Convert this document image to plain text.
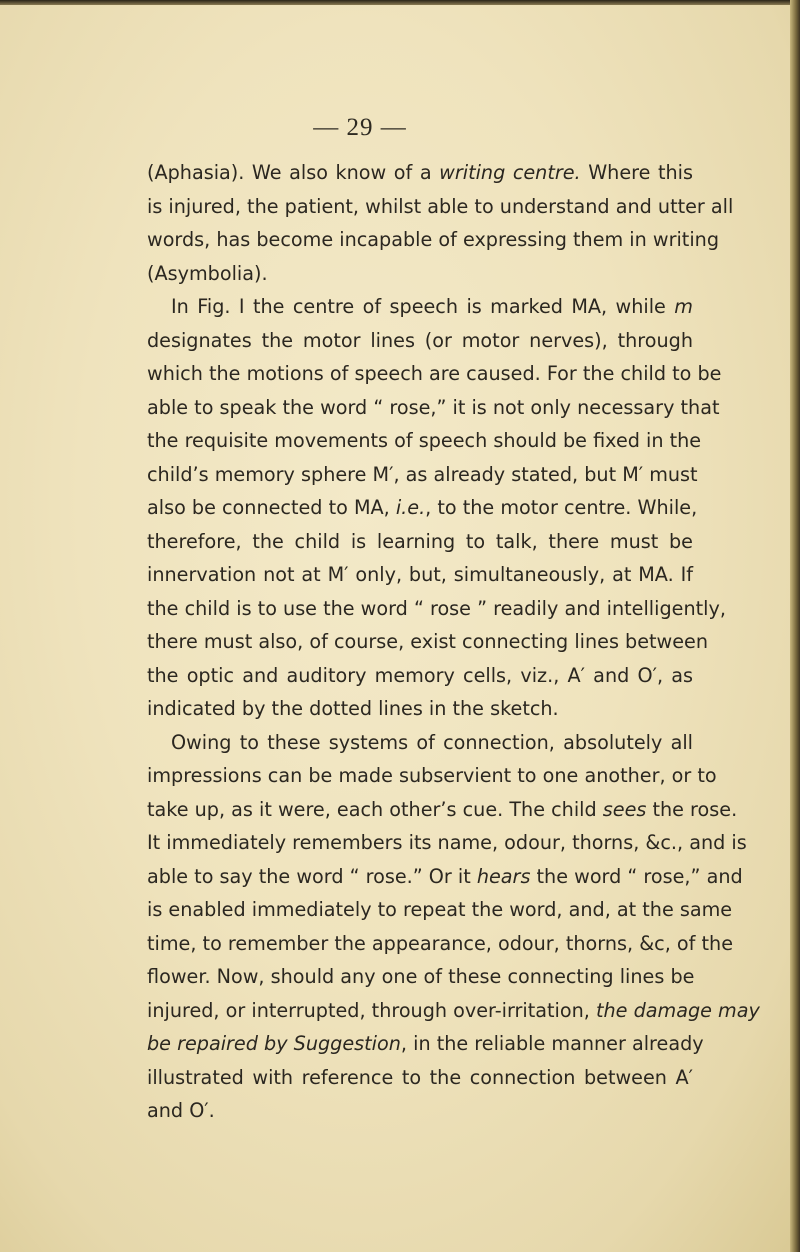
— 29 —
(Aphasia). We also know of a writing centre. Where this
is injured, the patient, whilst able to understand and utter all
words, has become incapable of expressing them in writing
(Asymbolia).
In Fig. I the centre of speech is marked MA, while m
designates the motor lines (or motor nerves), through
which the motions of speech are caused. For the child to be
able to speak the word “ rose,” it is not only necessary that
the requisite movements of speech should be fixed in the
child’s memory sphere M′, as already stated, but M′ must
also be connected to MA, i.e., to the motor centre. While,
therefore, the child is learning to talk, there must be
innervation not at M′ only, but, simultaneously, at MA. If
the child is to use the word “ rose ” readily and intelligently,
there must also, of course, exist connecting lines between
the optic and auditory memory cells, viz., A′ and O′, as
indicated by the dotted lines in the sketch.
Owing to these systems of connection, absolutely all
impressions can be made subservient to one another, or to
take up, as it were, each other’s cue. The child sees the rose.
It immediately remembers its name, odour, thorns, &c., and is
able to say the word “ rose.” Or it hears the word “ rose,” and
is enabled immediately to repeat the word, and, at the same
time, to remember the appearance, odour, thorns, &c, of the
flower. Now, should any one of these connecting lines be
injured, or interrupted, through over-irritation, the damage may
be repaired by Suggestion, in the reliable manner already
illustrated with reference to the connection between A′
and O′.
